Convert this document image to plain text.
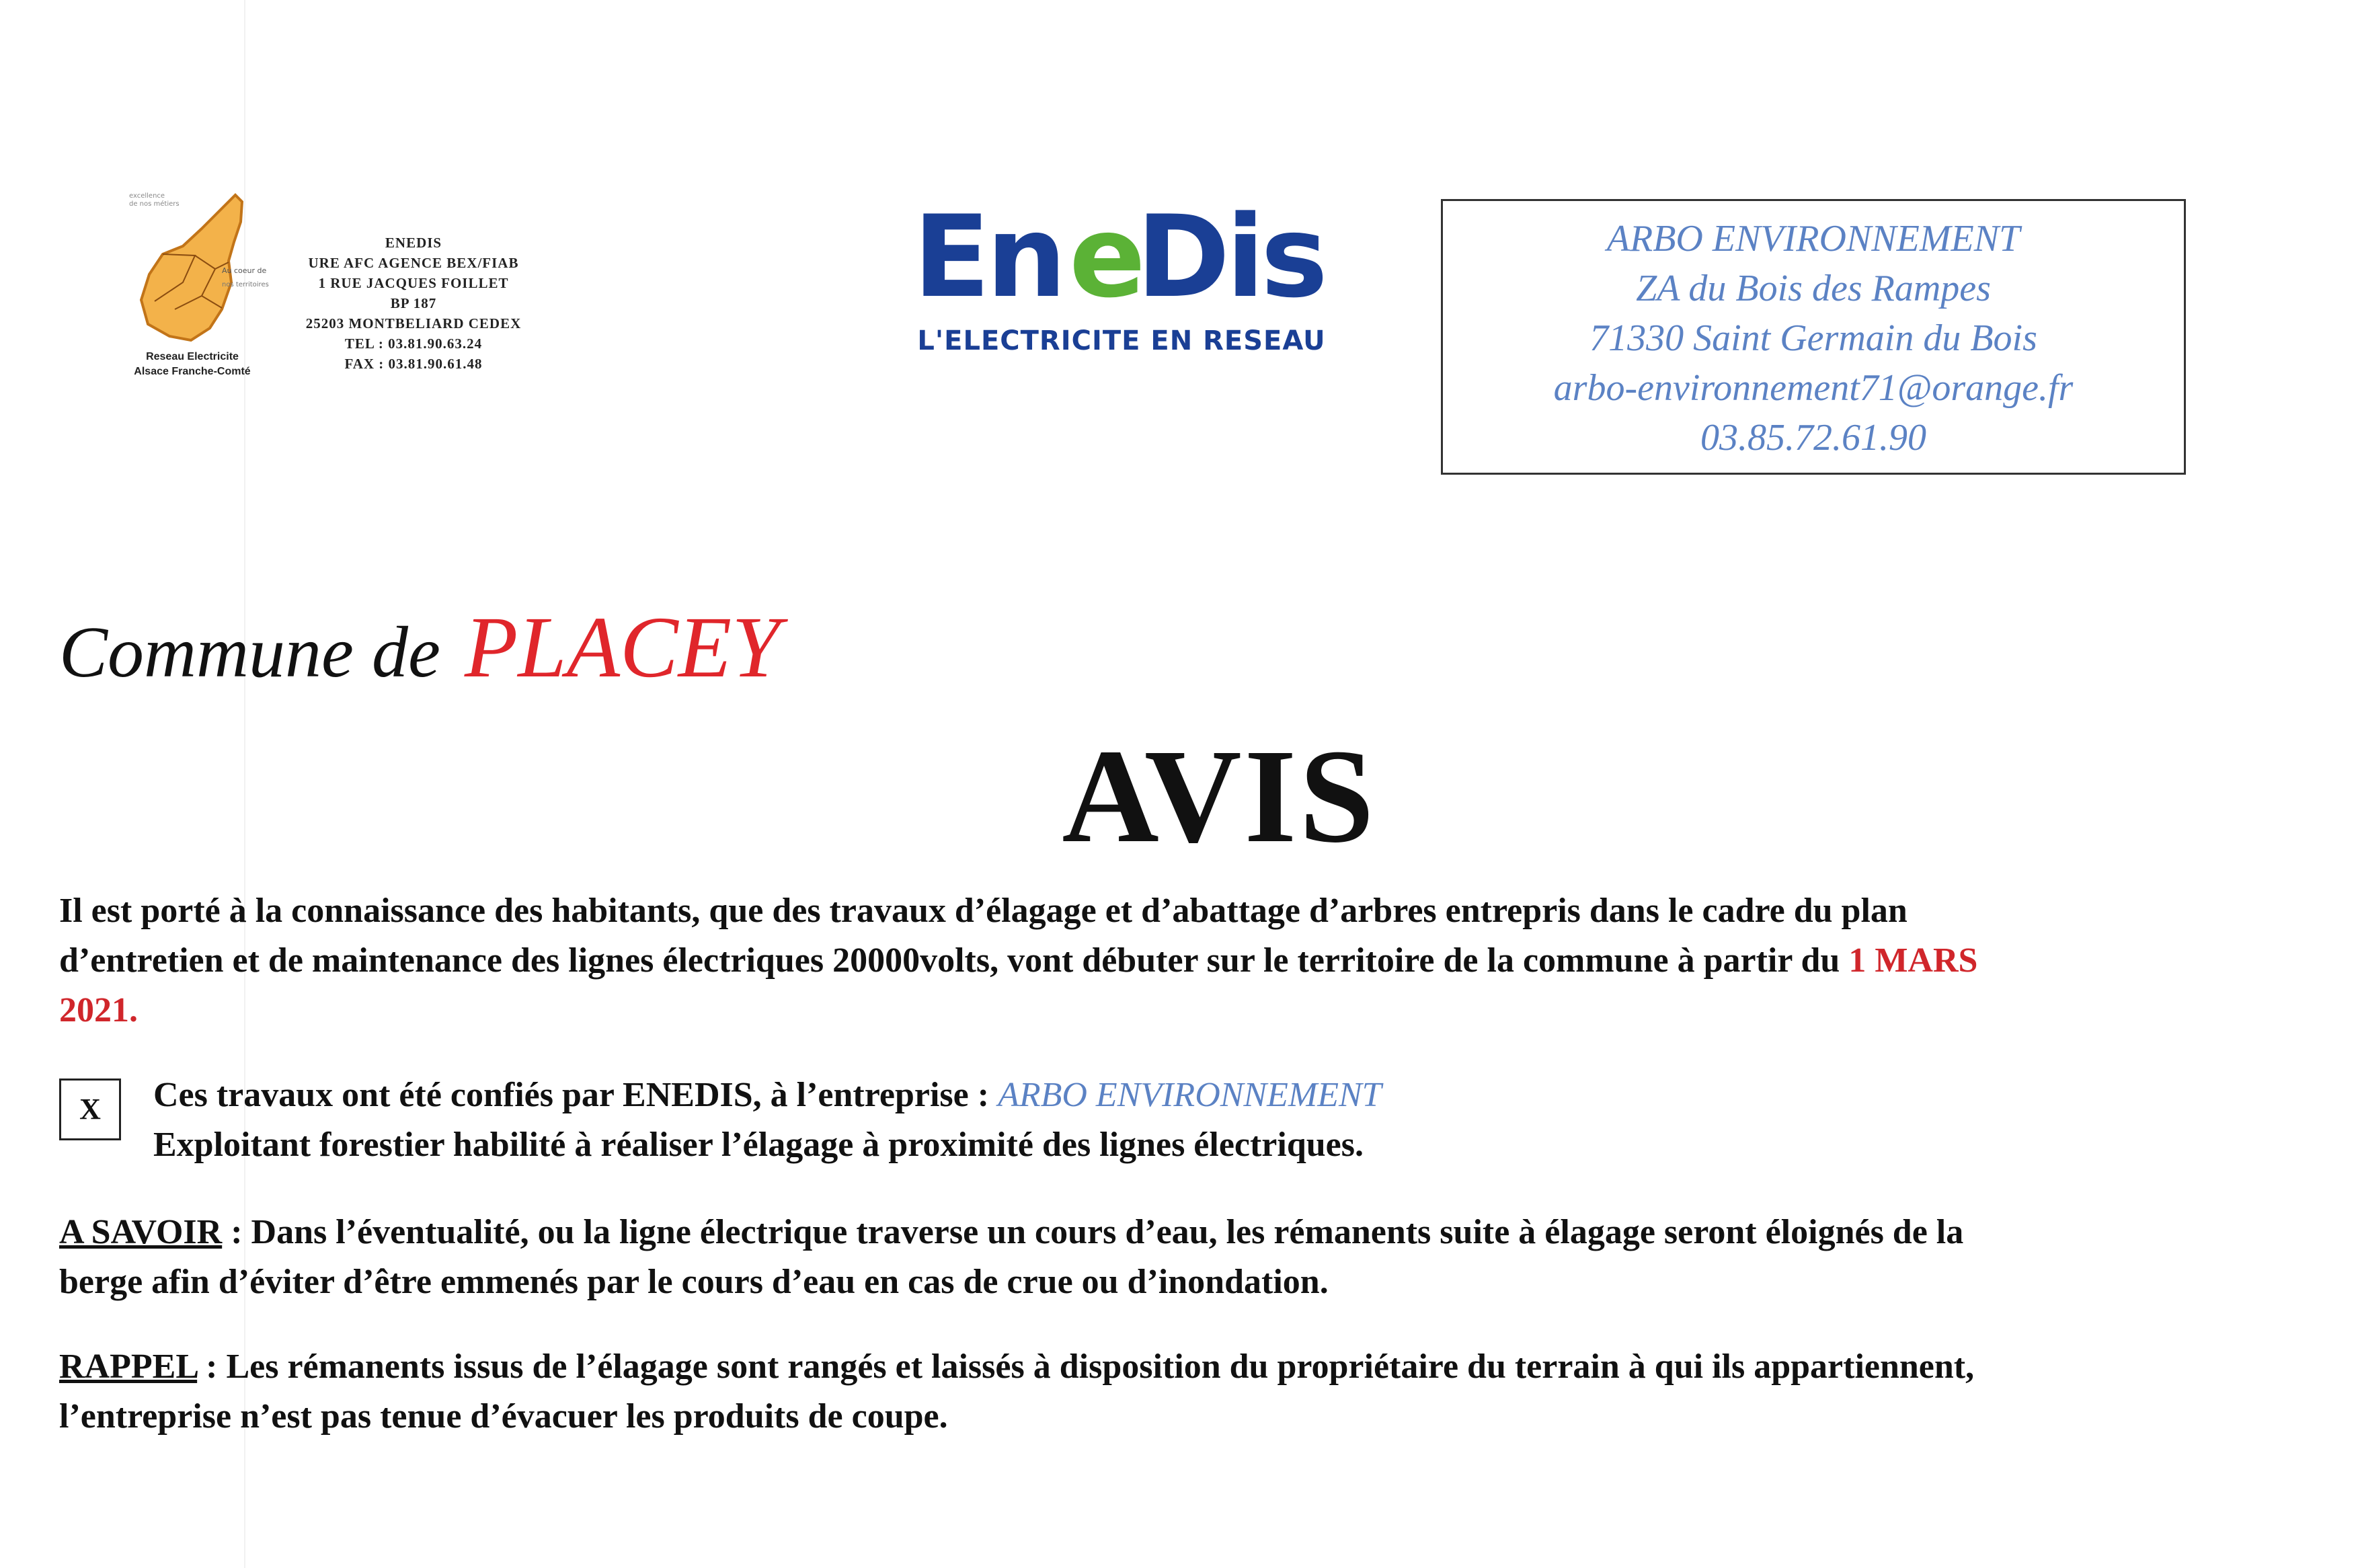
excellence
de nos métiers
Au coeur de
nos territoires
Reseau Electricite
Alsace Franche-Comté
ENEDIS
URE AFC AGENCE BEX/FIAB
1 RUE JACQUES FOILLET
BP 187
25203 MONTBELIARD CEDEX
TEL : 03.81.90.63.24
FAX : 03.81.90.61.48
En e
Dis
L'ELECTRICITE EN RESEAU
ARBO ENVIRONNEMENT
ZA du Bois des Rampes
71330 Saint Germain du Bois
arbo-environnement71@orange.fr
03.85.72.61.90
Commune de PLACEY
AVIS
Il est porté à la connaissance des habitants, que des travaux d’élagage et d’abattage d’arbres entrepris dans le cadre du plan
d’entretien et de maintenance des lignes électriques 20000volts, vont débuter sur le territoire de la commune à partir du 1 MARS
2021.
X	Ces travaux ont été confiés par ENEDIS, à l’entreprise : ARBO ENVIRONNEMENT
Exploitant forestier habilité à réaliser l’élagage à proximité des lignes électriques.
A SAVOIR : Dans l’éventualité, ou la ligne électrique traverse un cours d’eau, les rémanents suite à élagage seront éloignés de la
berge afin d’éviter d’être emmenés par le cours d’eau en cas de crue ou d’inondation.
RAPPEL : Les rémanents issus de l’élagage sont rangés et laissés à disposition du propriétaire du terrain à qui ils appartiennent,
l’entreprise n’est pas tenue d’évacuer les produits de coupe.
